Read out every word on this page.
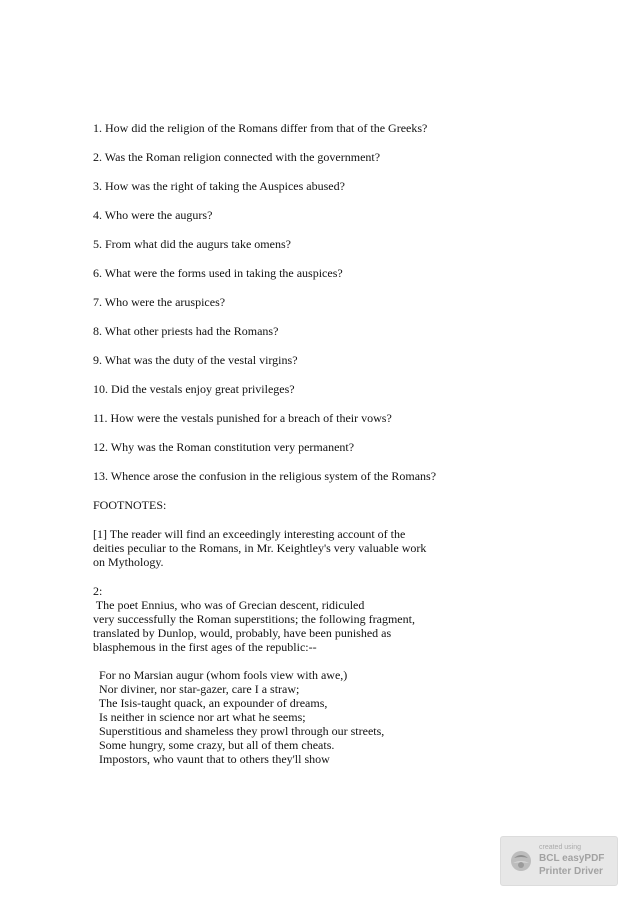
1. How did the religion of the Romans differ from that of the Greeks?

2. Was the Roman religion connected with the government?

3. How was the right of taking the Auspices abused?

4. Who were the augurs?

5. From what did the augurs take omens?

6. What were the forms used in taking the auspices?

7. Who were the aruspices?

8. What other priests had the Romans?

9. What was the duty of the vestal virgins?

10. Did the vestals enjoy great privileges?

11. How were the vestals punished for a breach of their vows?

12. Why was the Roman constitution very permanent?

13. Whence arose the confusion in the religious system of the Romans?

FOOTNOTES:

[1] The reader will find an exceedingly interesting account of the

deities peculiar to the Romans, in Mr. Keightley's very valuable work

on Mythology.

2:

The poet Ennius, who was of Grecian descent, ridiculed

very successfully the Roman superstitions; the following fragment,

translated by Dunlop, would, probably, have been punished as

blasphemous in the first ages of the republic:--

For no Marsian augur (whom fools view with awe,)

Nor diviner, nor star-gazer, care I a straw;

The Isis-taught quack, an expounder of dreams,

Is neither in science nor art what he seems;

Superstitious and shameless they prowl through our streets,

Some hungry, some crazy, but all of them cheats.

Impostors, who vaunt that to others they'll show

created using
BCL easyPDF
Printer Driver
